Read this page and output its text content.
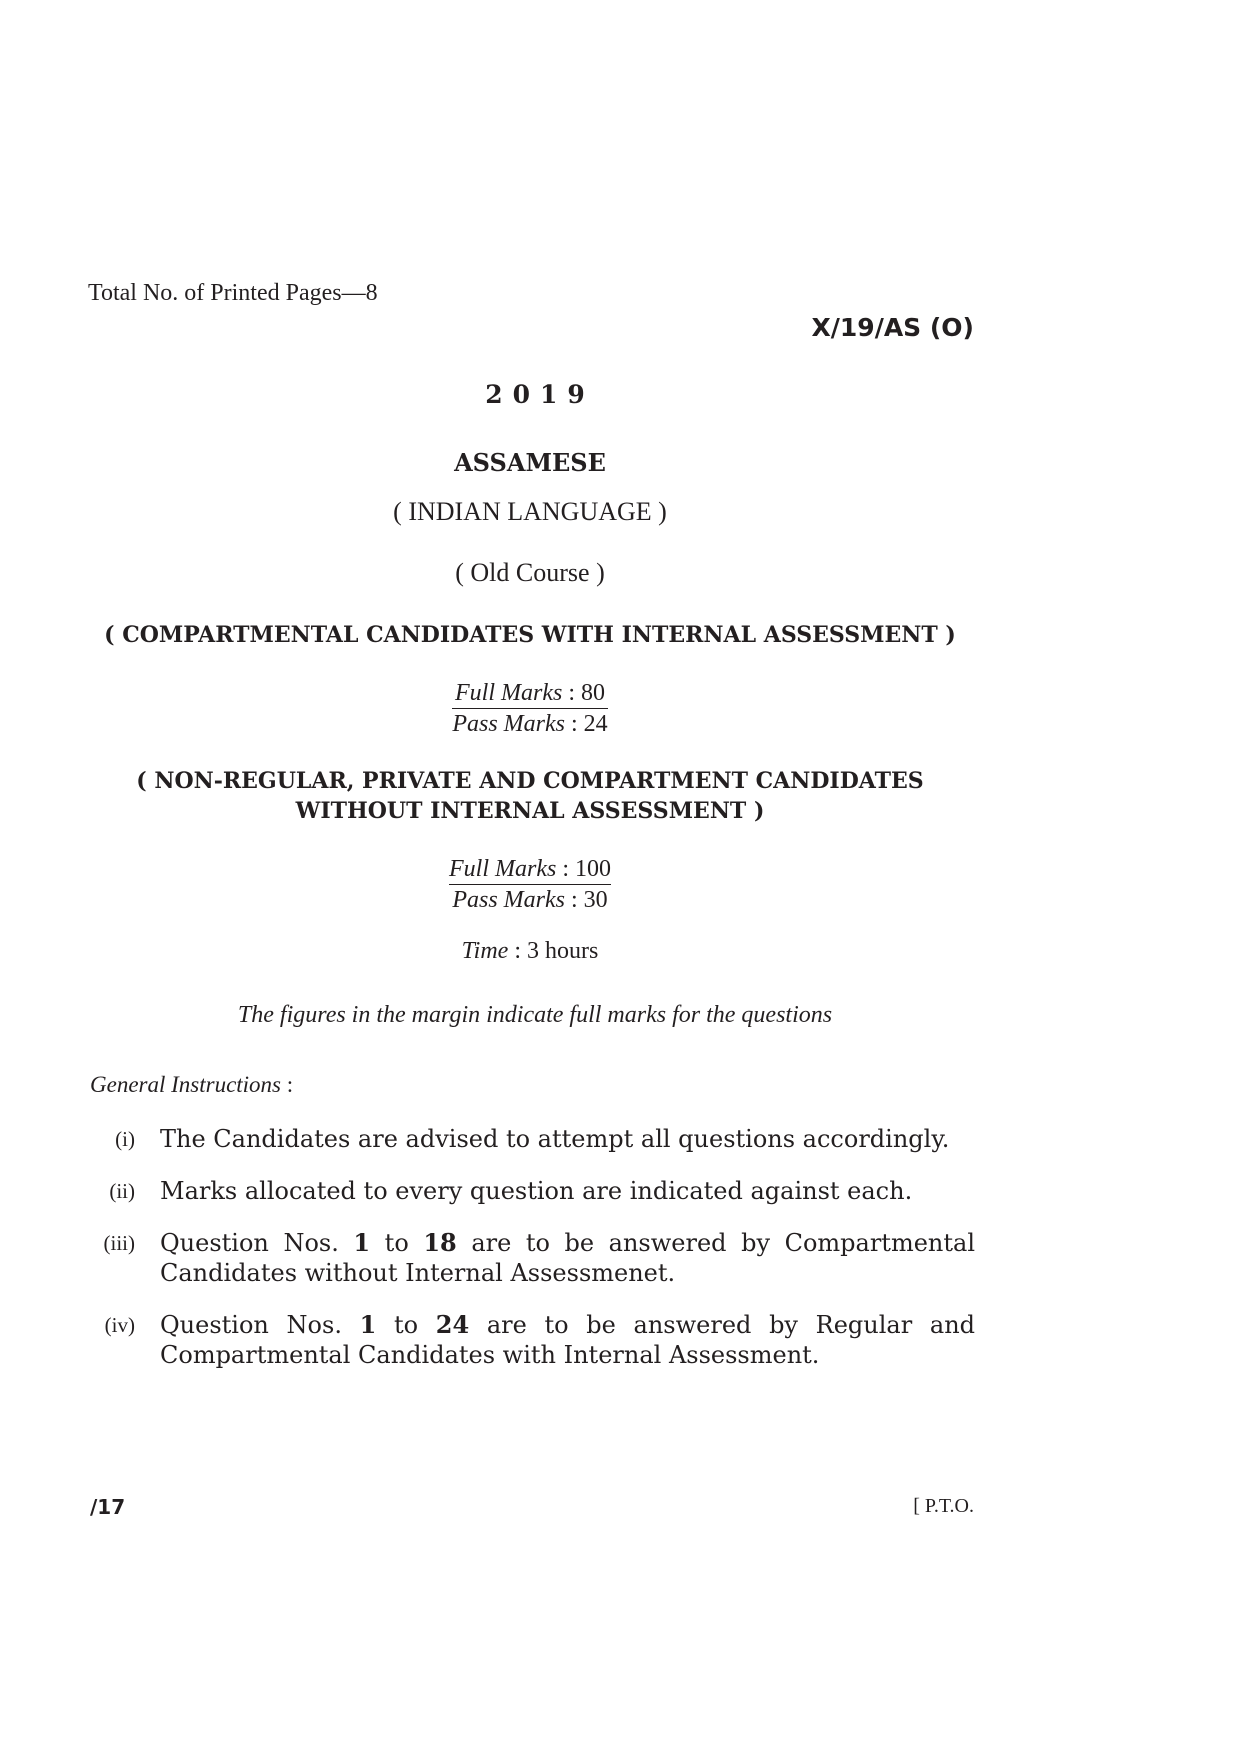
Total No. of Printed Pages—8
X/19/AS (O)
2019
ASSAMESE
( INDIAN LANGUAGE )
( Old Course )
( COMPARTMENTAL CANDIDATES WITH INTERNAL ASSESSMENT )
Full Marks : 80
Pass Marks : 24
( NON-REGULAR, PRIVATE AND COMPARTMENT CANDIDATES
WITHOUT INTERNAL ASSESSMENT )
Full Marks : 100
Pass Marks : 30
Time : 3 hours
The figures in the margin indicate full marks for the questions
General Instructions :
(i) The Candidates are advised to attempt all questions accordingly.
(ii) Marks allocated to every question are indicated against each.
(iii) Question Nos. 1 to 18 are to be answered by Compartmental Candidates without Internal Assessmenet.
(iv) Question Nos. 1 to 24 are to be answered by Regular and Compartmental Candidates with Internal Assessment.
/17	[ P.T.O.
